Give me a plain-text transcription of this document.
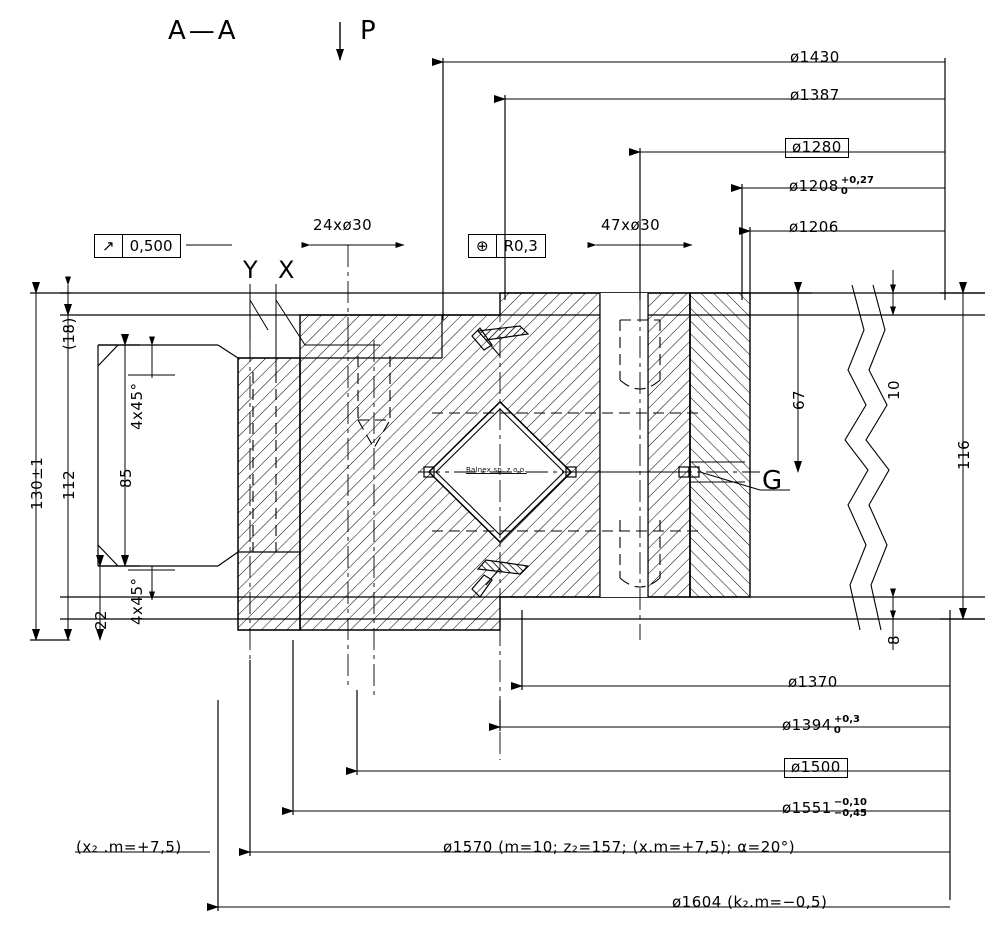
A—A	P
↗	0,500	⊕	R0,3
Y X
G
24xø30	47xø30
4x45°
4x45°
130±1 112	85
22
(18)
67	10
116
8
ø1430
ø1387
ø1280
ø1208 +0,27
0
ø1206
ø1370
ø1394 +0,3
0
ø1500
ø1551 −0,10
−0,45
ø1570 (m=10; z₂=157; (x.m=+7,5); α=20°)
ø1604 (k₂.m=−0,5)
(x₂ .m=+7,5)
Balnex sp. z o.o.
